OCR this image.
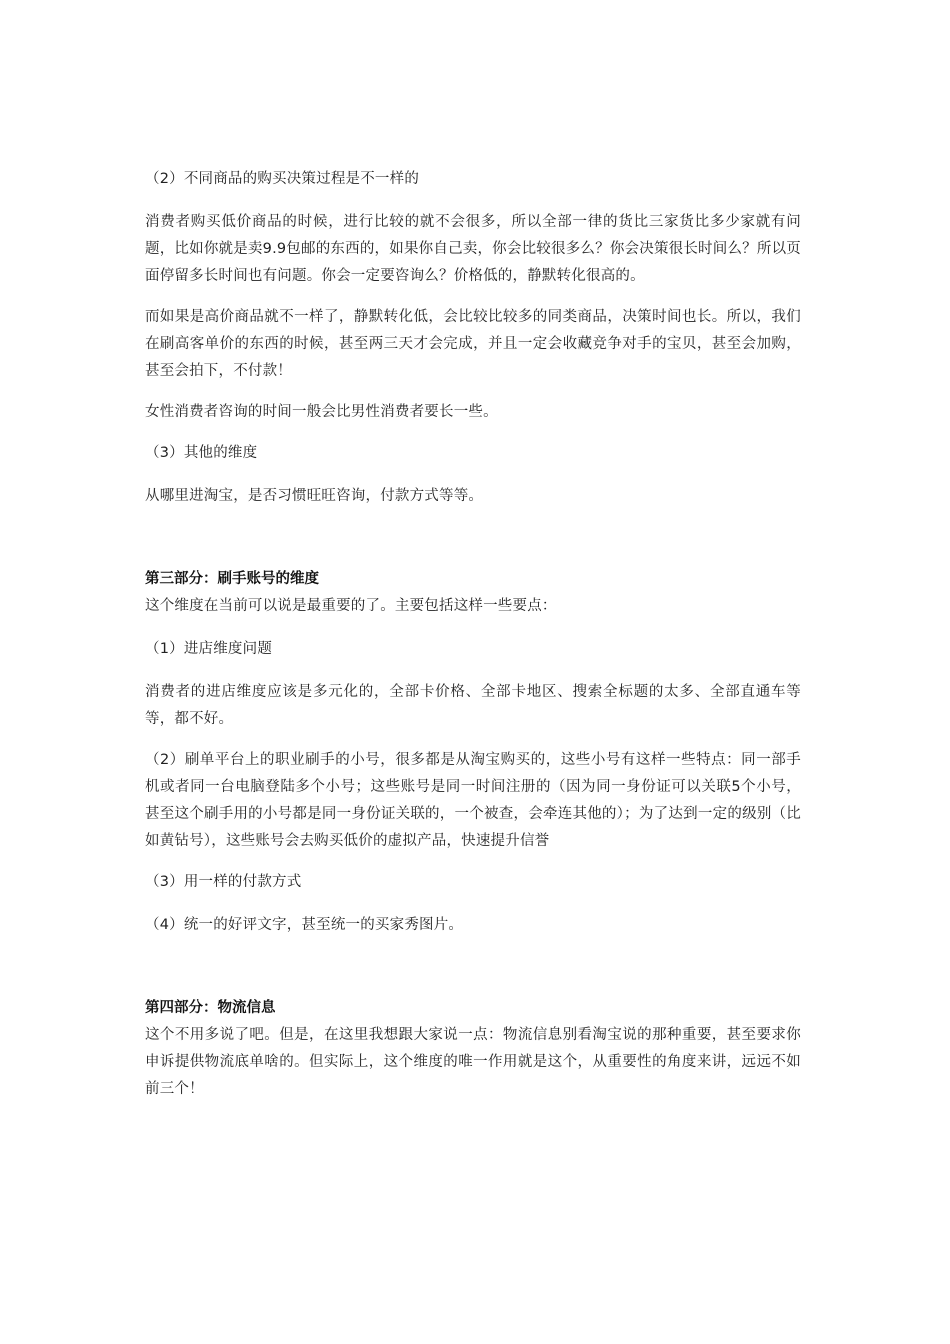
（2）不同商品的购买决策过程是不一样的

消费者购买低价商品的时候，进行比较的就不会很多，所以全部一律的货比三家货比多少家就有问题，比如你就是卖9.9包邮的东西的，如果你自己卖，你会比较很多么？你会决策很长时间么？所以页面停留多长时间也有问题。你会一定要咨询么？价格低的，静默转化很高的。

而如果是高价商品就不一样了，静默转化低，会比较比较多的同类商品，决策时间也长。所以，我们在刷高客单价的东西的时候，甚至两三天才会完成，并且一定会收藏竞争对手的宝贝，甚至会加购，甚至会拍下，不付款！

女性消费者咨询的时间一般会比男性消费者要长一些。

（3）其他的维度

从哪里进淘宝，是否习惯旺旺咨询，付款方式等等。

第三部分：刷手账号的维度

这个维度在当前可以说是最重要的了。主要包括这样一些要点：

（1）进店维度问题

消费者的进店维度应该是多元化的，全部卡价格、全部卡地区、搜索全标题的太多、全部直通车等等，都不好。

（2）刷单平台上的职业刷手的小号，很多都是从淘宝购买的，这些小号有这样一些特点：同一部手机或者同一台电脑登陆多个小号；这些账号是同一时间注册的（因为同一身份证可以关联5个小号，甚至这个刷手用的小号都是同一身份证关联的，一个被查，会牵连其他的）；为了达到一定的级别（比如黄钻号），这些账号会去购买低价的虚拟产品，快速提升信誉

（3）用一样的付款方式

（4）统一的好评文字，甚至统一的买家秀图片。

第四部分：物流信息

这个不用多说了吧。但是，在这里我想跟大家说一点：物流信息别看淘宝说的那种重要，甚至要求你申诉提供物流底单啥的。但实际上，这个维度的唯一作用就是这个，从重要性的角度来讲，远远不如前三个！
